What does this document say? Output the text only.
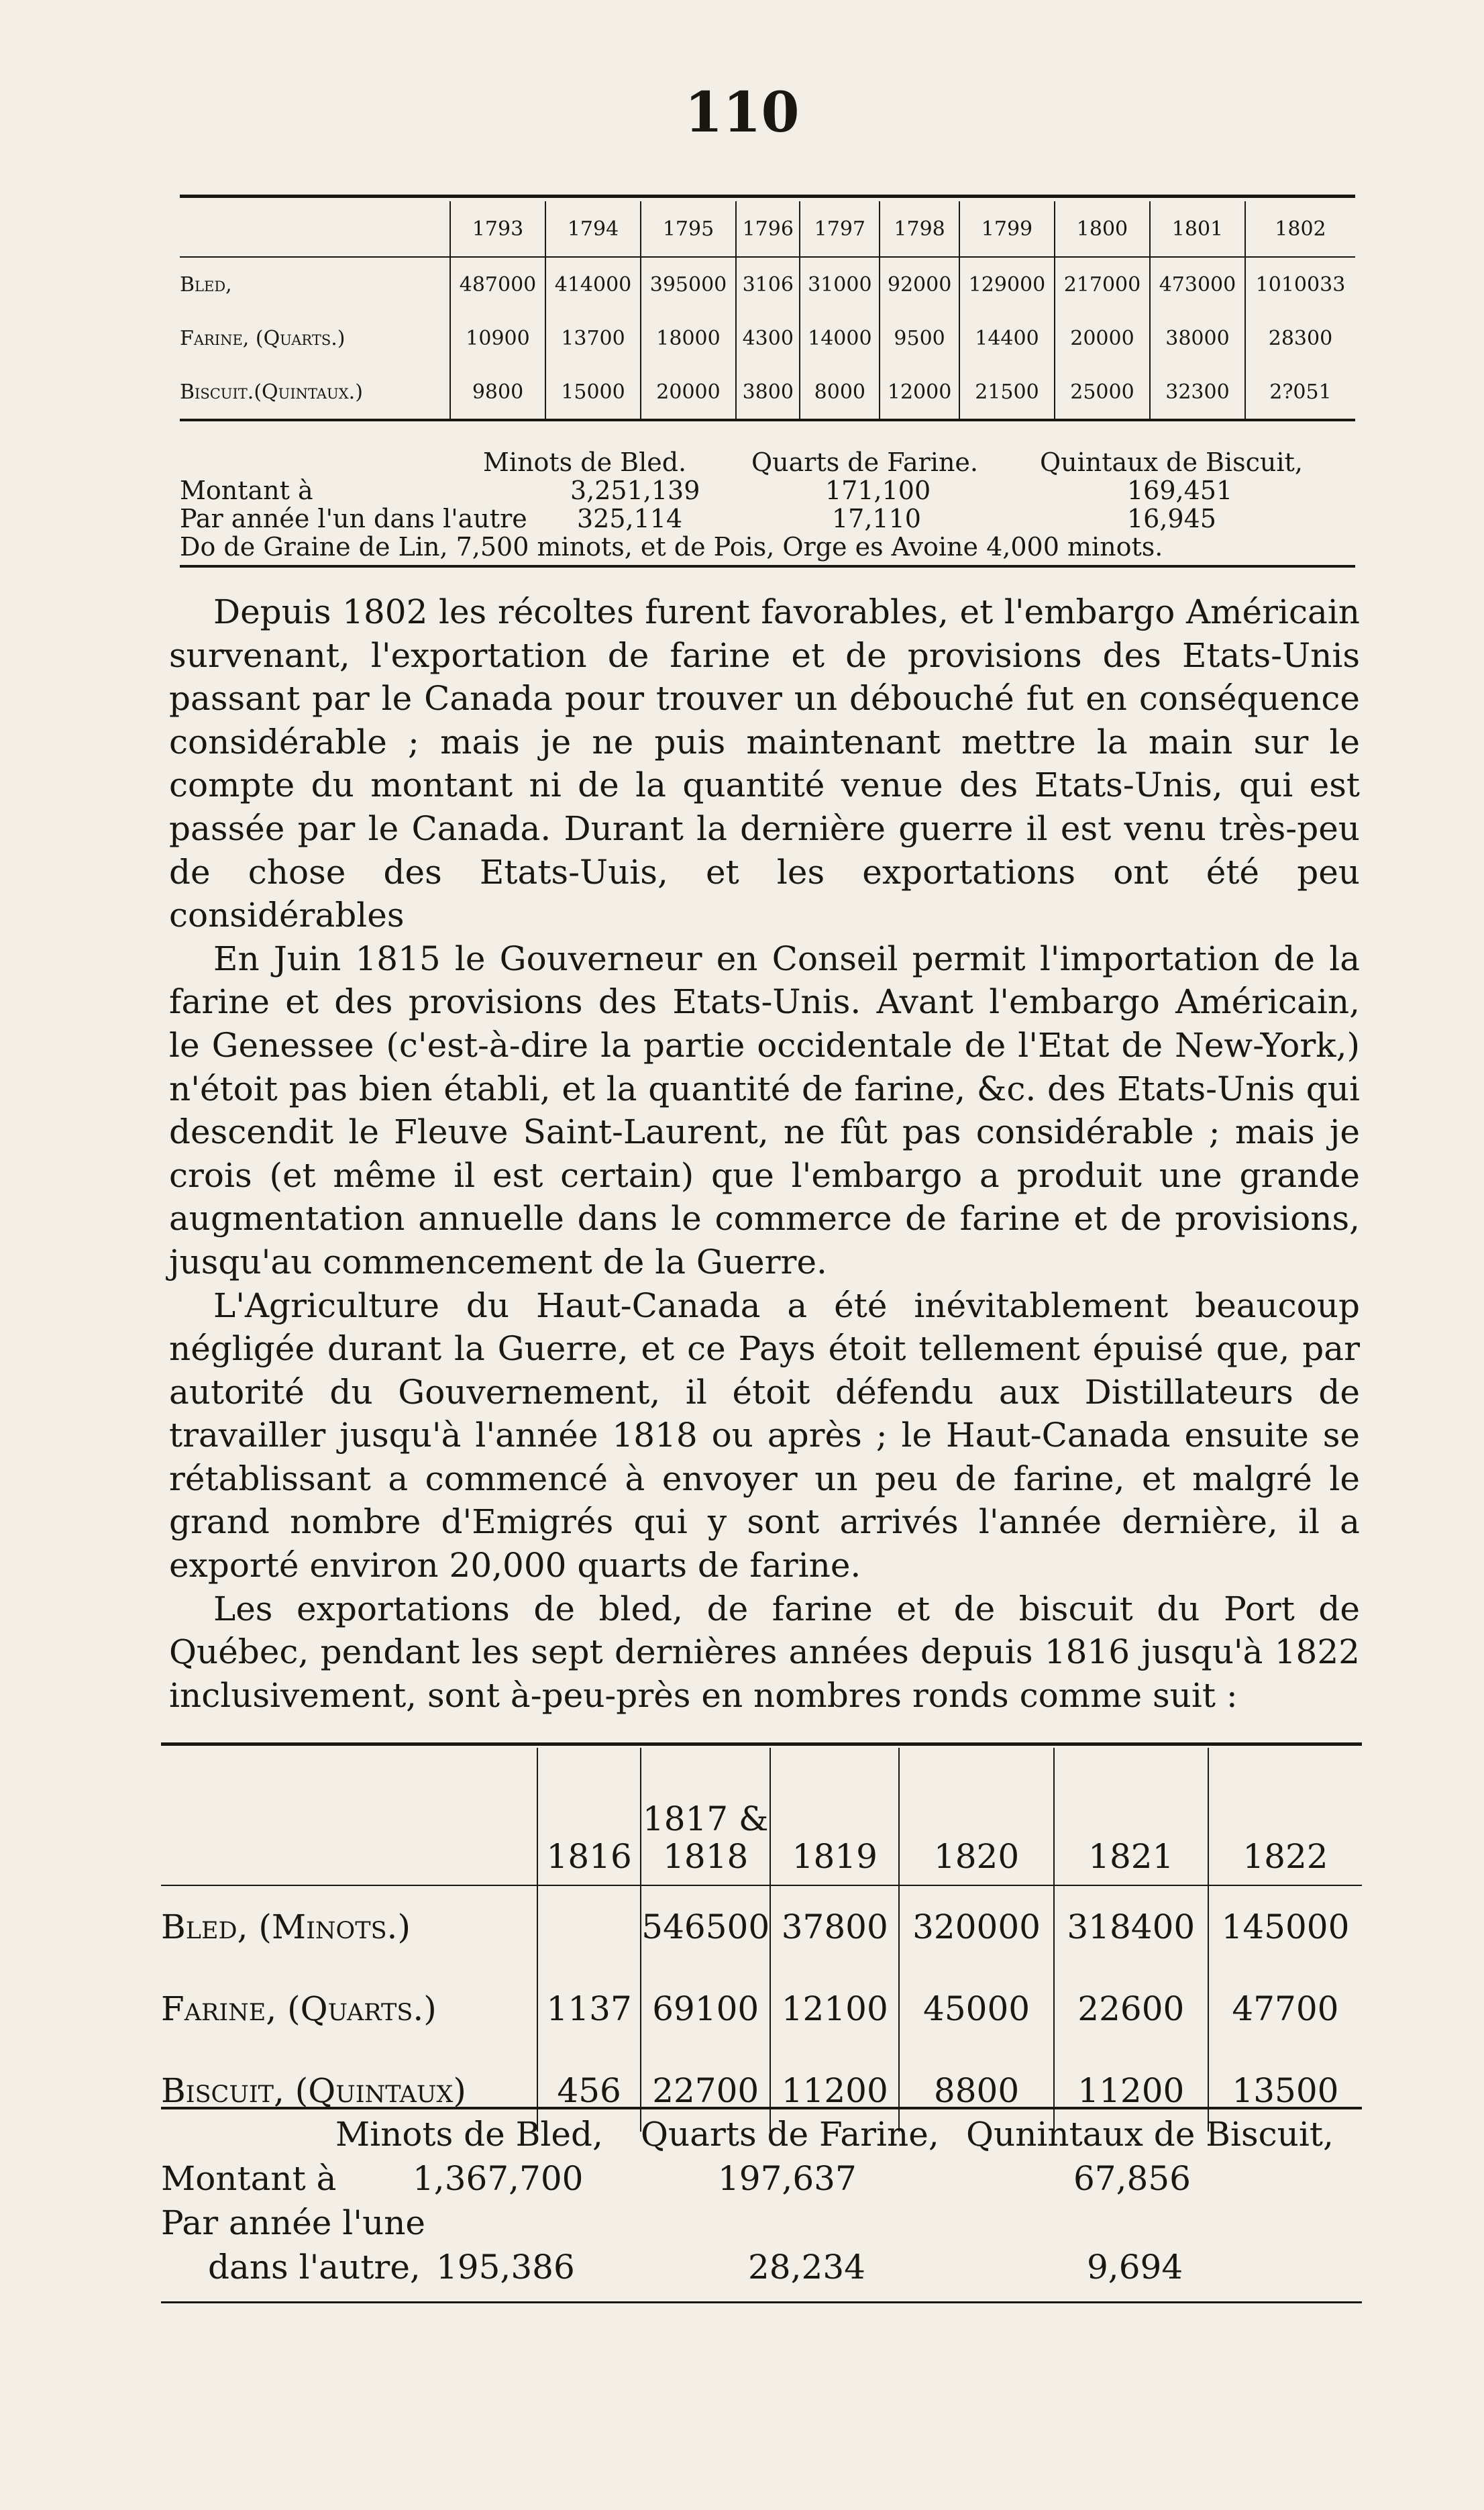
110
	1793	1794	1795	1796	1797	1798	1799	1800	1801	1802
Bled,	487000	414000	395000	3106	31000	92000	129000	217000	473000	1010033
Farine, (Quarts.)	10900	13700	18000	4300	14000	9500	14400	20000	38000	28300
Biscuit.(Quintaux.)	9800	15000	20000	3800	8000	12000	21500	25000	32300	2?051
Minots de Bled.	Quarts de Farine. Quintaux de Biscuit,
Montant à	3,251,139	171,100	169,451
Par année l'un dans l'autre 325,114	17,110	16,945
Do de Graine de Lin, 7,500 minots, et de Pois, Orge es Avoine 4,000 minots.

Depuis 1802 les récoltes furent favorables, et l'embargo Américain survenant, l'exportation de farine et de provisions des Etats-Unis passant par le Canada pour trouver un débouché fut en conséquence considérable ; mais je ne puis maintenant mettre la main sur le compte du montant ni de la quantité venue des Etats-Unis, qui est passée par le Canada. Durant la dernière guerre il est venu très-peu de chose des Etats-Uuis, et les exportations ont été peu considérables

En Juin 1815 le Gouverneur en Conseil permit l'importation de la farine et des provisions des Etats-Unis. Avant l'embargo Américain, le Genessee (c'est-à-dire la partie occidentale de l'Etat de New-York,) n'étoit pas bien établi, et la quantité de farine, &c. des Etats-Unis qui descendit le Fleuve Saint-Laurent, ne fût pas considérable ; mais je crois (et même il est certain) que l'embargo a produit une grande augmentation annuelle dans le commerce de farine et de provisions, jusqu'au commencement de la Guerre.

L'Agriculture du Haut-Canada a été inévitablement beaucoup négligée durant la Guerre, et ce Pays étoit tellement épuisé que, par autorité du Gouvernement, il étoit défendu aux Distillateurs de travailler jusqu'à l'année 1818 ou après ; le Haut-Canada ensuite se rétablissant a commencé à envoyer un peu de farine, et malgré le grand nombre d'Emigrés qui y sont arrivés l'année dernière, il a exporté environ 20,000 quarts de farine.

Les exportations de bled, de farine et de biscuit du Port de Québec, pendant les sept dernières années depuis 1816 jusqu'à 1822 inclusivement, sont à-peu-près en nombres ronds comme suit :

	1816	1817 & 1818	1819	1820	1821	1822
Bled, (Minots.)		546500	37800	320000	318400	145000
Farine, (Quarts.)	1137	69100	12100	45000	22600	47700
Biscuit, (Quintaux)	456	22700	11200	8800	11200	13500
Minots de Bled, Quarts de Farine, Qunintaux de Biscuit,
Montant à 1,367,700	197,637	67,856
Par année l'une
dans l'autre, 195,386	28,234	9,694
